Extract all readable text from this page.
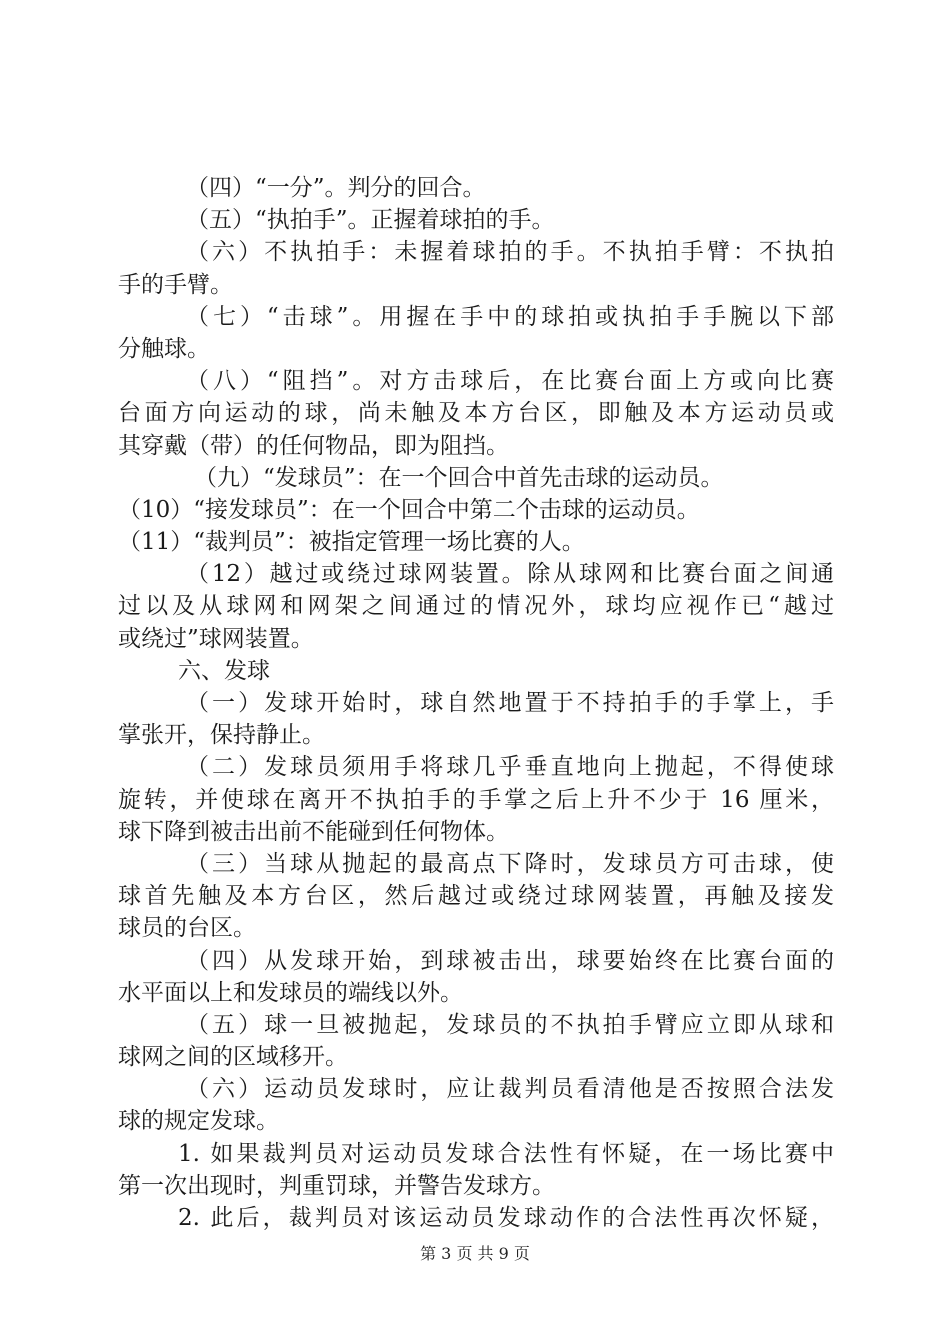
（四）“一分”。判分的回合。
（五）“执拍手”。正握着球拍的手。
（六）不执拍手：未握着球拍的手。不执拍手臂：不执拍
手的手臂。
（七）“击球”。用握在手中的球拍或执拍手手腕以下部
分触球。
（八）“阻挡”。对方击球后，在比赛台面上方或向比赛
台面方向运动的球，尚未触及本方台区，即触及本方运动员或
其穿戴（带）的任何物品，即为阻挡。
（九）“发球员”：在一个回合中首先击球的运动员。
（10）“接发球员”：在一个回合中第二个击球的运动员。
（11）“裁判员”：被指定管理一场比赛的人。
（12）越过或绕过球网装置。除从球网和比赛台面之间通
过以及从球网和网架之间通过的情况外，球均应视作已“越过
或绕过”球网装置。
六、发球
（一）发球开始时，球自然地置于不持拍手的手掌上，手
掌张开，保持静止。
（二）发球员须用手将球几乎垂直地向上抛起，不得使球
旋转，并使球在离开不执拍手的手掌之后上升不少于 16 厘米，
球下降到被击出前不能碰到任何物体。
（三）当球从抛起的最高点下降时，发球员方可击球，使
球首先触及本方台区，然后越过或绕过球网装置，再触及接发
球员的台区。
（四）从发球开始，到球被击出，球要始终在比赛台面的
水平面以上和发球员的端线以外。
（五）球一旦被抛起，发球员的不执拍手臂应立即从球和
球网之间的区域移开。
（六）运动员发球时，应让裁判员看清他是否按照合法发
球的规定发球。
1. 如果裁判员对运动员发球合法性有怀疑，在一场比赛中
第一次出现时，判重罚球，并警告发球方。
2. 此后，裁判员对该运动员发球动作的合法性再次怀疑，
第 3 页 共 9 页
